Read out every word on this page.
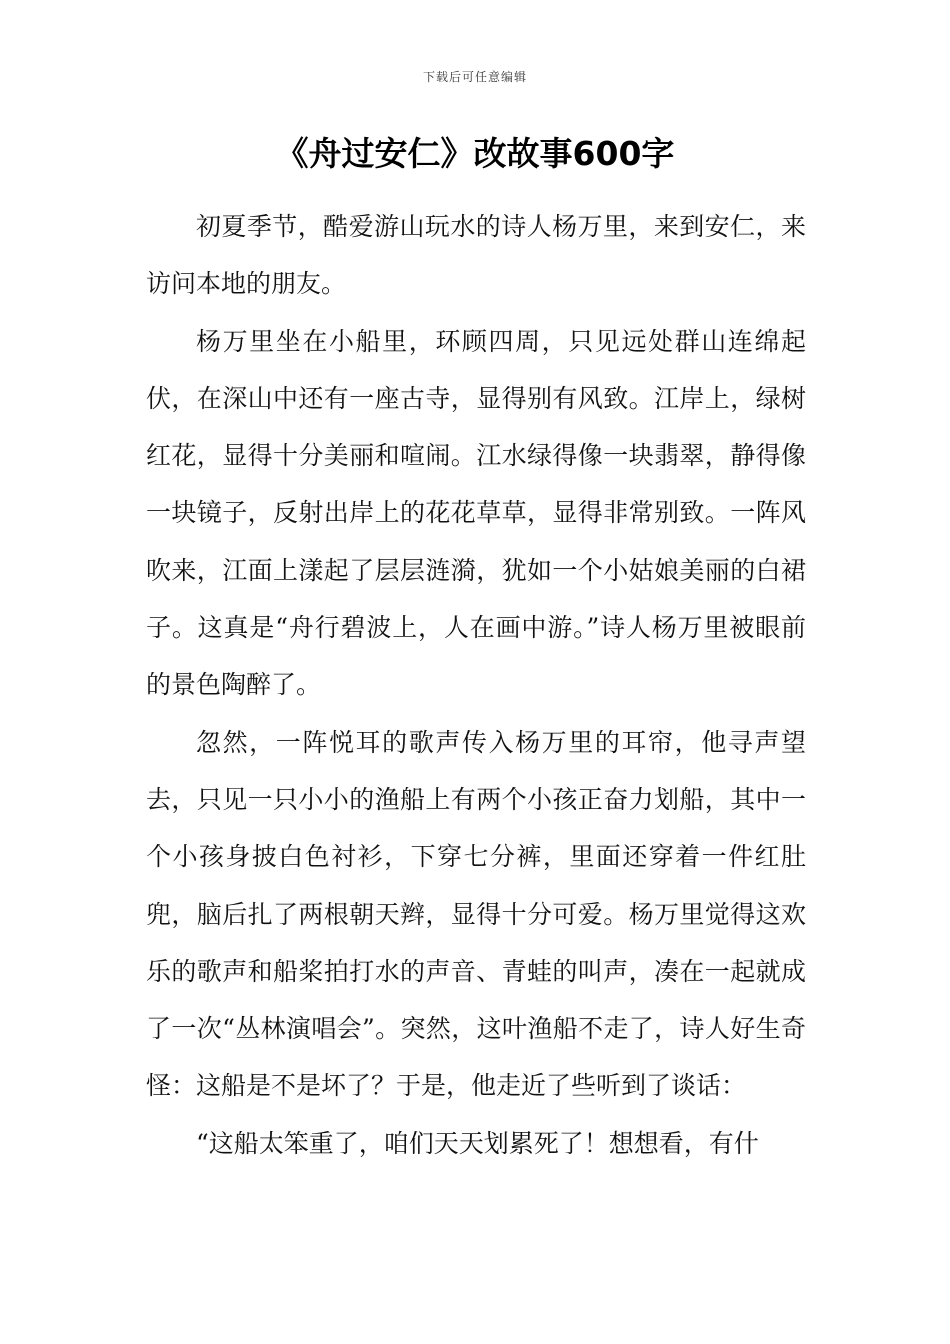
下载后可任意编辑
《舟过安仁》改故事600字

初夏季节，酷爱游山玩水的诗人杨万里，来到安仁，来访问本地的朋友。

杨万里坐在小船里，环顾四周，只见远处群山连绵起伏，在深山中还有一座古寺，显得别有风致。江岸上，绿树红花，显得十分美丽和喧闹。江水绿得像一块翡翠，静得像一块镜子，反射出岸上的花花草草，显得非常别致。一阵风吹来，江面上漾起了层层涟漪，犹如一个小姑娘美丽的白裙子。这真是“舟行碧波上，人在画中游。”诗人杨万里被眼前的景色陶醉了。

忽然，一阵悦耳的歌声传入杨万里的耳帘，他寻声望去，只见一只小小的渔船上有两个小孩正奋力划船，其中一个小孩身披白色衬衫，下穿七分裤，里面还穿着一件红肚兜，脑后扎了两根朝天辫，显得十分可爱。杨万里觉得这欢乐的歌声和船桨拍打水的声音、青蛙的叫声，凑在一起就成了一次“丛林演唱会”。突然，这叶渔船不走了，诗人好生奇怪：这船是不是坏了？于是，他走近了些听到了谈话：

“这船太笨重了，咱们天天划累死了！想想看，有什
